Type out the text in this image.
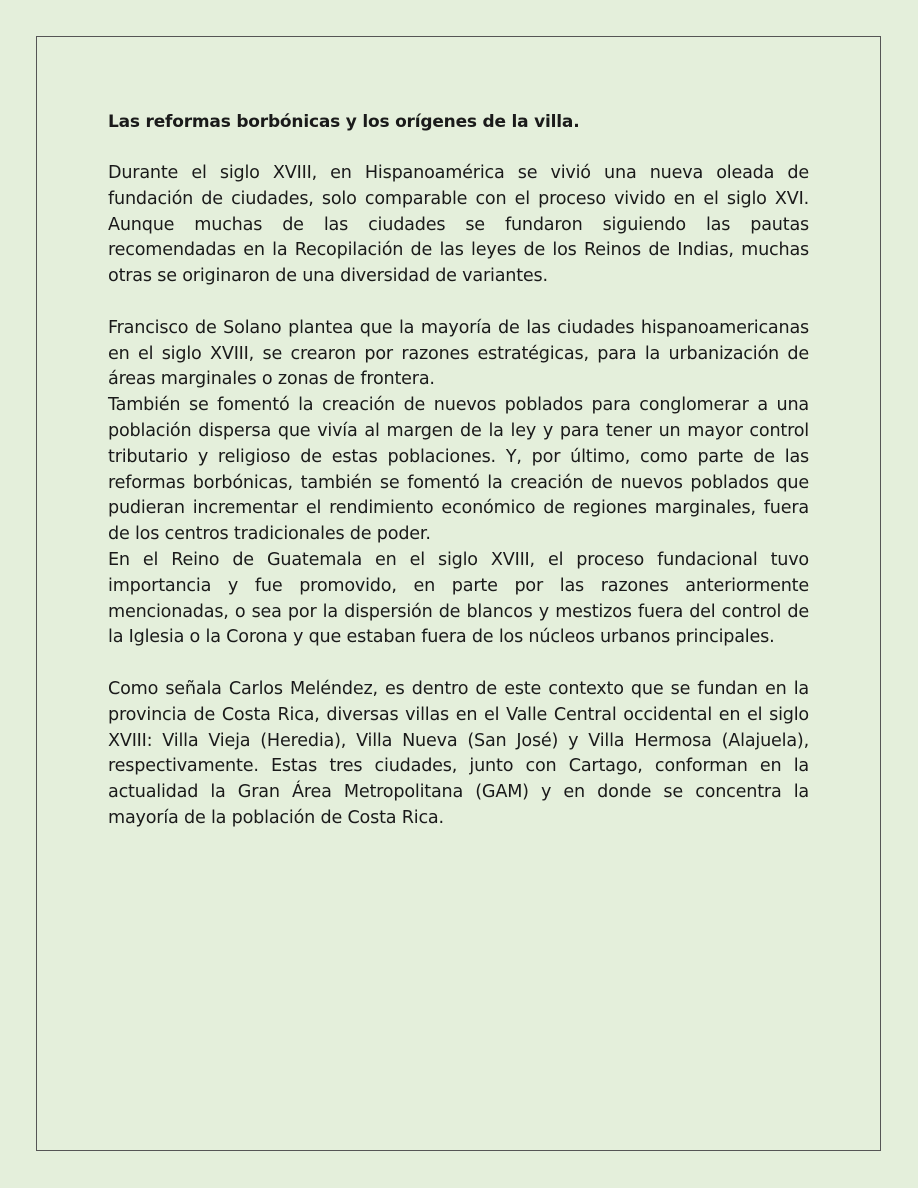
Las reformas borbónicas y los orígenes de la villa.

Durante el siglo XVIII, en Hispanoamérica se vivió una nueva oleada de fundación de ciudades, solo comparable con el proceso vivido en el siglo XVI. Aunque muchas de las ciudades se fundaron siguiendo las pautas recomendadas en la Recopilación de las leyes de los Reinos de Indias, muchas otras se originaron de una diversidad de variantes.

Francisco de Solano plantea que la mayoría de las ciudades hispanoamericanas en el siglo XVIII, se crearon por razones estratégicas, para la urbanización de áreas marginales o zonas de frontera.

También se fomentó la creación de nuevos poblados para conglomerar a una población dispersa que vivía al margen de la ley y para tener un mayor control tributario y religioso de estas poblaciones. Y, por último, como parte de las reformas borbónicas, también se fomentó la creación de nuevos poblados que pudieran incrementar el rendimiento económico de regiones marginales, fuera de los centros tradicionales de poder.

En el Reino de Guatemala en el siglo XVIII, el proceso fundacional tuvo importancia y fue promovido, en parte por las razones anteriormente mencionadas, o sea por la dispersión de blancos y mestizos fuera del control de la Iglesia o la Corona y que estaban fuera de los núcleos urbanos principales.

Como señala Carlos Meléndez, es dentro de este contexto que se fundan en la provincia de Costa Rica, diversas villas en el Valle Central occidental en el siglo XVIII: Villa Vieja (Heredia), Villa Nueva (San José) y Villa Hermosa (Alajuela), respectivamente. Estas tres ciudades, junto con Cartago, conforman en la actualidad la Gran Área Metropolitana (GAM) y en donde se concentra la mayoría de la población de Costa Rica.
